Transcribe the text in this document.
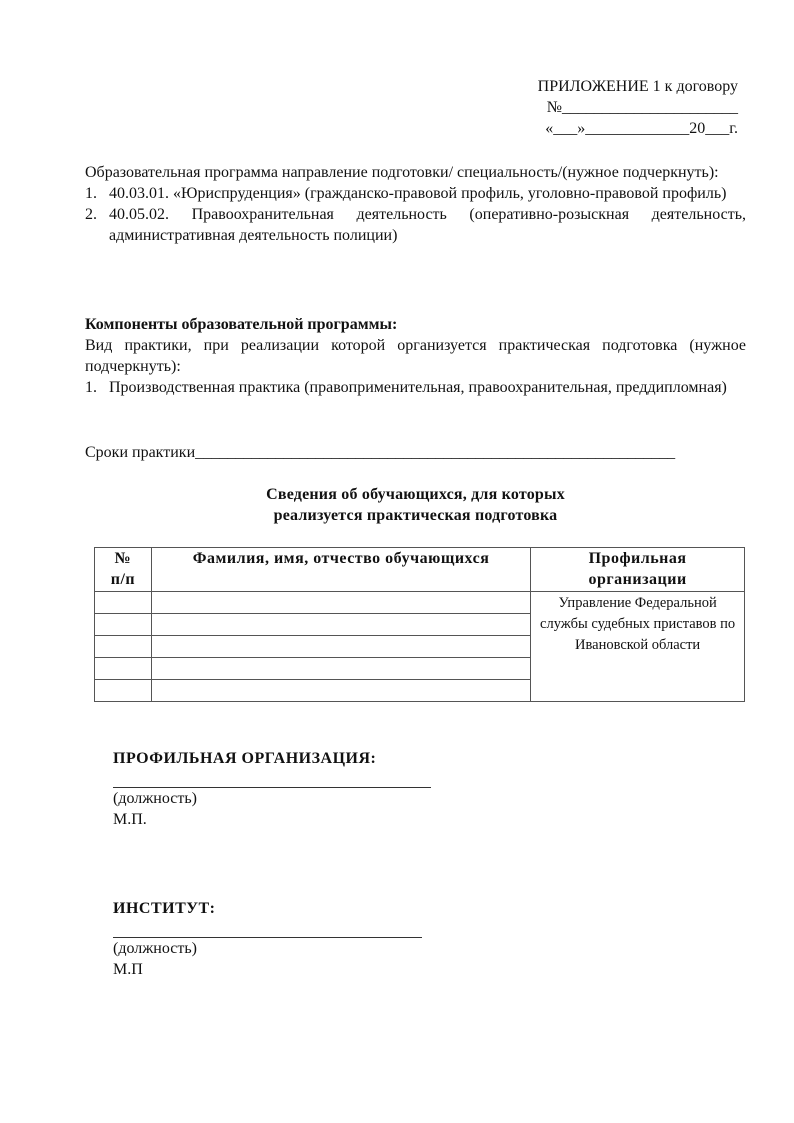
ПРИЛОЖЕНИЕ 1 к договору
№______________________
«___»_____________20___г.

Образовательная программа направление подготовки/ специальность/(нужное подчеркнуть):

1. 40.03.01. «Юриспруденция» (гражданско-правовой профиль, уголовно-правовой профиль)
2. 40.05.02. Правоохранительная деятельность (оперативно-розыскная деятельность, административная деятельность полиции)

Компоненты образовательной программы:

Вид практики, при реализации которой организуется практическая подготовка (нужное подчеркнуть):

1. Производственная практика (правоприменительная, правоохранительная, преддипломная)
Сроки практики____________________________________________________________
Сведения об обучающихся, для которых
реализуется практическая подготовка
№
п/п	Фамилия, имя, отчество обучающихся	Профильная организации
		Управление Федеральной службы судебных приставов по Ивановской области

ПРОФИЛЬНАЯ ОРГАНИЗАЦИЯ:
(должность)
М.П.
ИНСТИТУТ:
(должность)
М.П
